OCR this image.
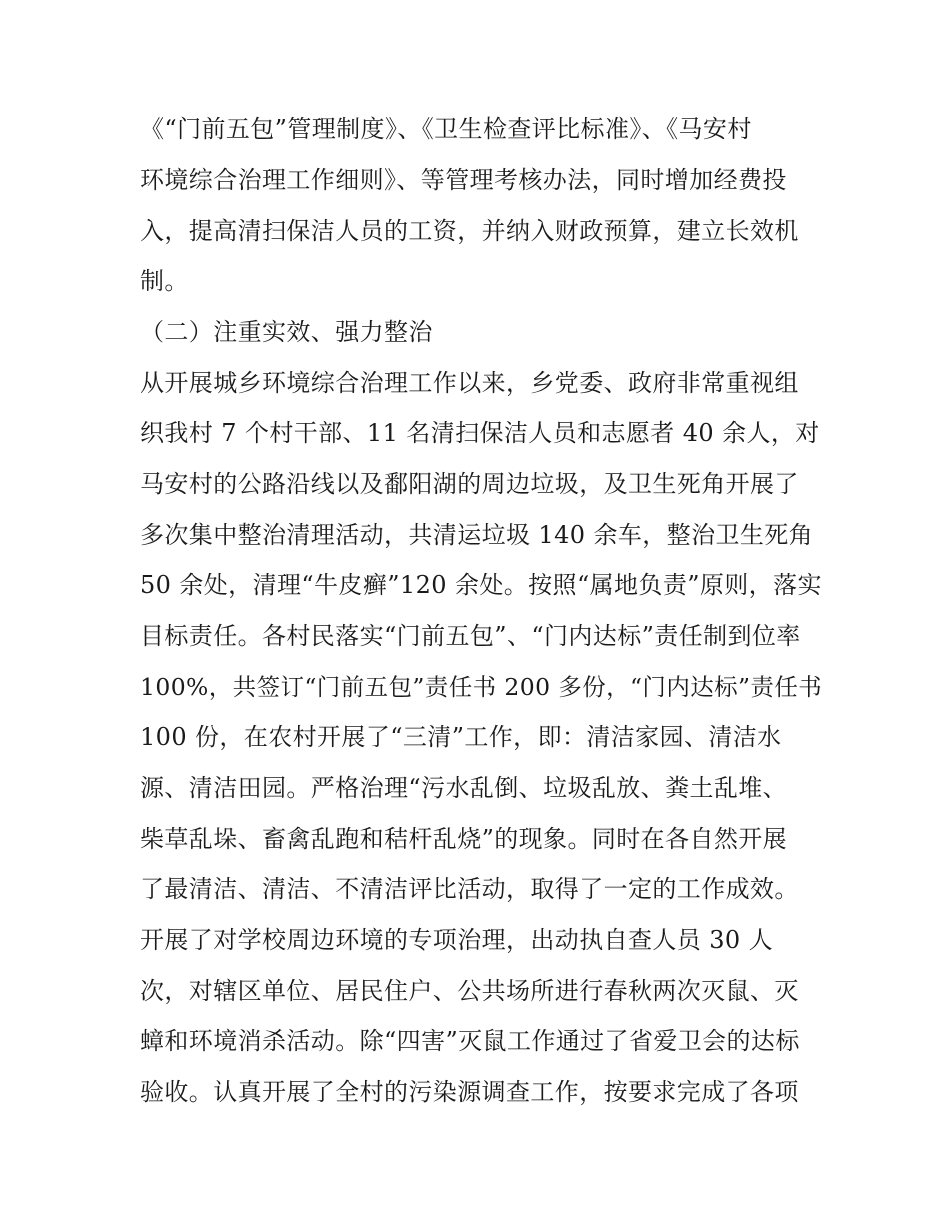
《“门前五包”管理制度》、《卫生检查评比标准》、《马安村
环境综合治理工作细则》、等管理考核办法，同时增加经费投
入，提高清扫保洁人员的工资，并纳入财政预算，建立长效机
制。
（二）注重实效、强力整治
从开展城乡环境综合治理工作以来，乡党委、政府非常重视组
织我村 7 个村干部、11 名清扫保洁人员和志愿者 40 余人，对
马安村的公路沿线以及鄱阳湖的周边垃圾，及卫生死角开展了
多次集中整治清理活动，共清运垃圾 140 余车，整治卫生死角
50 余处，清理“牛皮癣”120 余处。按照“属地负责”原则，落实
目标责任。各村民落实“门前五包”、“门内达标”责任制到位率
100%，共签订“门前五包”责任书 200 多份，“门内达标”责任书
100 份，在农村开展了“三清”工作，即：清洁家园、清洁水
源、清洁田园。严格治理“污水乱倒、垃圾乱放、粪土乱堆、
柴草乱垛、畜禽乱跑和秸杆乱烧”的现象。同时在各自然开展
了最清洁、清洁、不清洁评比活动，取得了一定的工作成效。
开展了对学校周边环境的专项治理，出动执自查人员 30 人
次，对辖区单位、居民住户、公共场所进行春秋两次灭鼠、灭
蟑和环境消杀活动。除“四害”灭鼠工作通过了省爱卫会的达标
验收。认真开展了全村的污染源调查工作，按要求完成了各项
